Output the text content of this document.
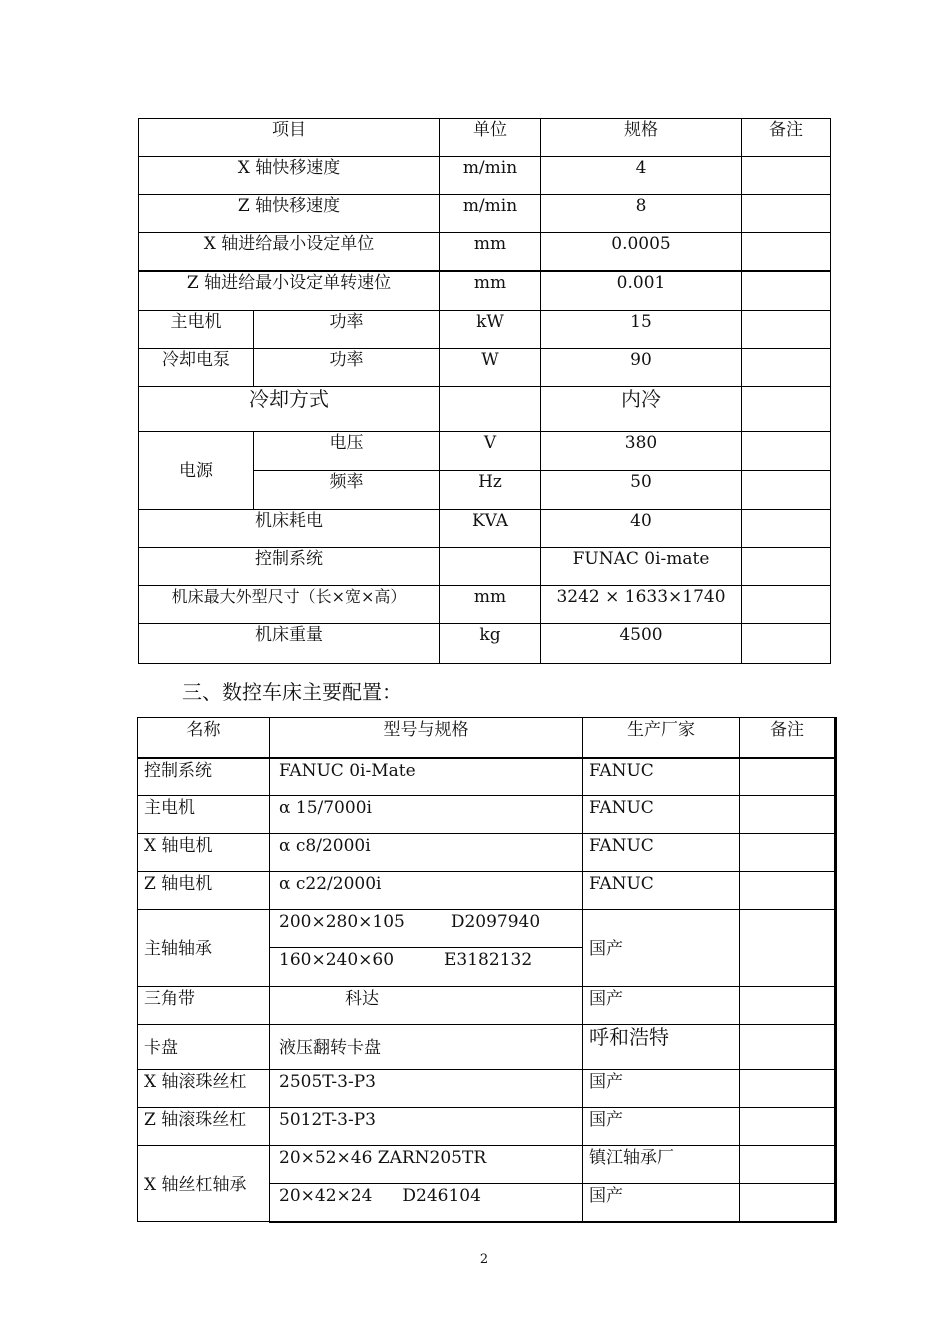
项目		单位	规格	备注
X 轴快移速度		m/min	4	
Z 轴快移速度		m/min	8	
X 轴进给最小设定单位		mm	0.0005	
Z 轴进给最小设定单转速位		mm	0.001	
主电机	功率	kW	15	
冷却电泵	功率	W	90	
冷却方式			内冷	
电源	电压	V	380	
	频率	Hz	50	
机床耗电		KVA	40	
控制系统			FUNAC 0i-mate	
机床最大外型尺寸（长×宽×高）		mm	3242 × 1633×1740	
机床重量		kg	4500	
三、数控车床主要配置：
名称	型号与规格	生产厂家	备注
控制系统	FANUC 0i-Mate	FANUC	
主电机	α 15/7000i	FANUC	
X 轴电机	α c8/2000i	FANUC	
Z 轴电机	α c22/2000i	FANUC	
主轴轴承	200×280×105 D2097940	国产	
	160×240×60 E3182132		
三角带	科达	国产	
卡盘	液压翻转卡盘	呼和浩特	
X 轴滚珠丝杠	2505T-3-P3	国产	
Z 轴滚珠丝杠	5012T-3-P3	国产	
X 轴丝杠轴承	20×52×46 ZARN205TR	镇江轴承厂	
	20×42×24 D246104	国产	
2
